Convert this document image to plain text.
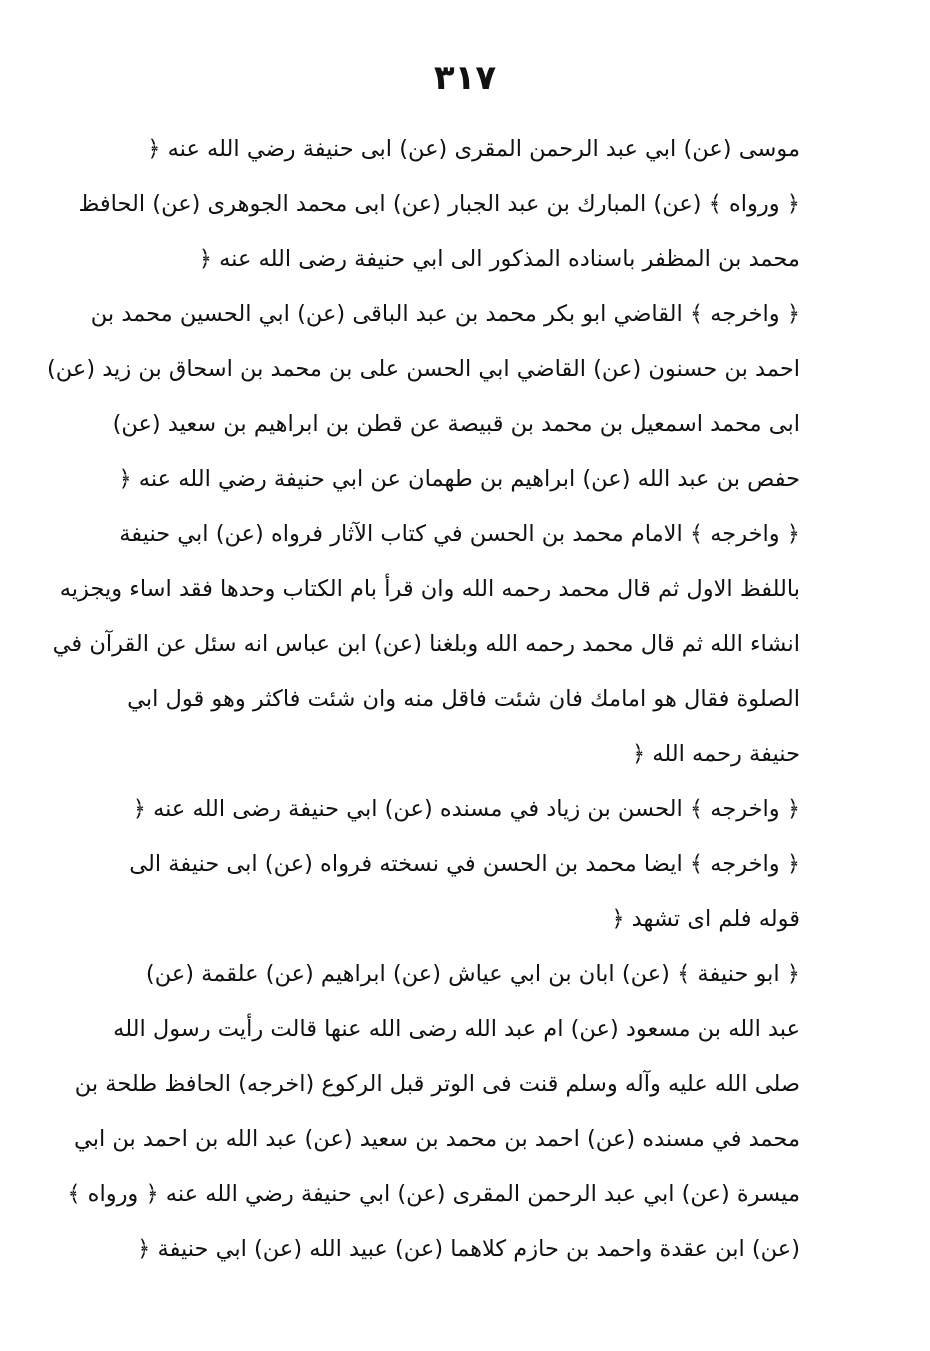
٣١٧
موسى (عن) ابي عبد الرحمن المقرى (عن) ابى حنيفة رضي الله عنه ﴿
﴿ ورواه ﴾ (عن) المبارك بن عبد الجبار (عن) ابى محمد الجوهرى (عن) الحافظ
محمد بن المظفر باسناده المذكور الى ابي حنيفة رضى الله عنه ﴿
﴿ واخرجه ﴾ القاضي ابو بكر محمد بن عبد الباقى (عن) ابي الحسين محمد بن
احمد بن حسنون (عن) القاضي ابي الحسن على بن محمد بن اسحاق بن زيد (عن)
ابى محمد اسمعيل بن محمد بن قبيصة عن قطن بن ابراهيم بن سعيد (عن)
حفص بن عبد الله (عن) ابراهيم بن طهمان عن ابي حنيفة رضي الله عنه ﴿
﴿ واخرجه ﴾ الامام محمد بن الحسن في كتاب الآثار فرواه (عن) ابي حنيفة
باللفظ الاول ثم قال محمد رحمه الله وان قرأ بام الكتاب وحدها فقد اساء ويجزيه
انشاء الله ثم قال محمد رحمه الله وبلغنا (عن) ابن عباس انه سئل عن القرآن في
الصلوة فقال هو امامك فان شئت فاقل منه وان شئت فاكثر وهو قول ابي
حنيفة رحمه الله ﴿
﴿ واخرجه ﴾ الحسن بن زياد في مسنده (عن) ابي حنيفة رضى الله عنه ﴿
﴿ واخرجه ﴾ ايضا محمد بن الحسن في نسخته فرواه (عن) ابى حنيفة الى
قوله فلم اى تشهد ﴿
﴿ ابو حنيفة ﴾ (عن) ابان بن ابي عياش (عن) ابراهيم (عن) علقمة (عن)
عبد الله بن مسعود (عن) ام عبد الله رضى الله عنها قالت رأيت رسول الله
صلى الله عليه وآله وسلم قنت فى الوتر قبل الركوع (اخرجه) الحافظ طلحة بن
محمد في مسنده (عن) احمد بن محمد بن سعيد (عن) عبد الله بن احمد بن ابي
ميسرة (عن) ابي عبد الرحمن المقرى (عن) ابي حنيفة رضي الله عنه ﴿ ورواه ﴾
(عن) ابن عقدة واحمد بن حازم كلاهما (عن) عبيد الله (عن) ابي حنيفة ﴿
